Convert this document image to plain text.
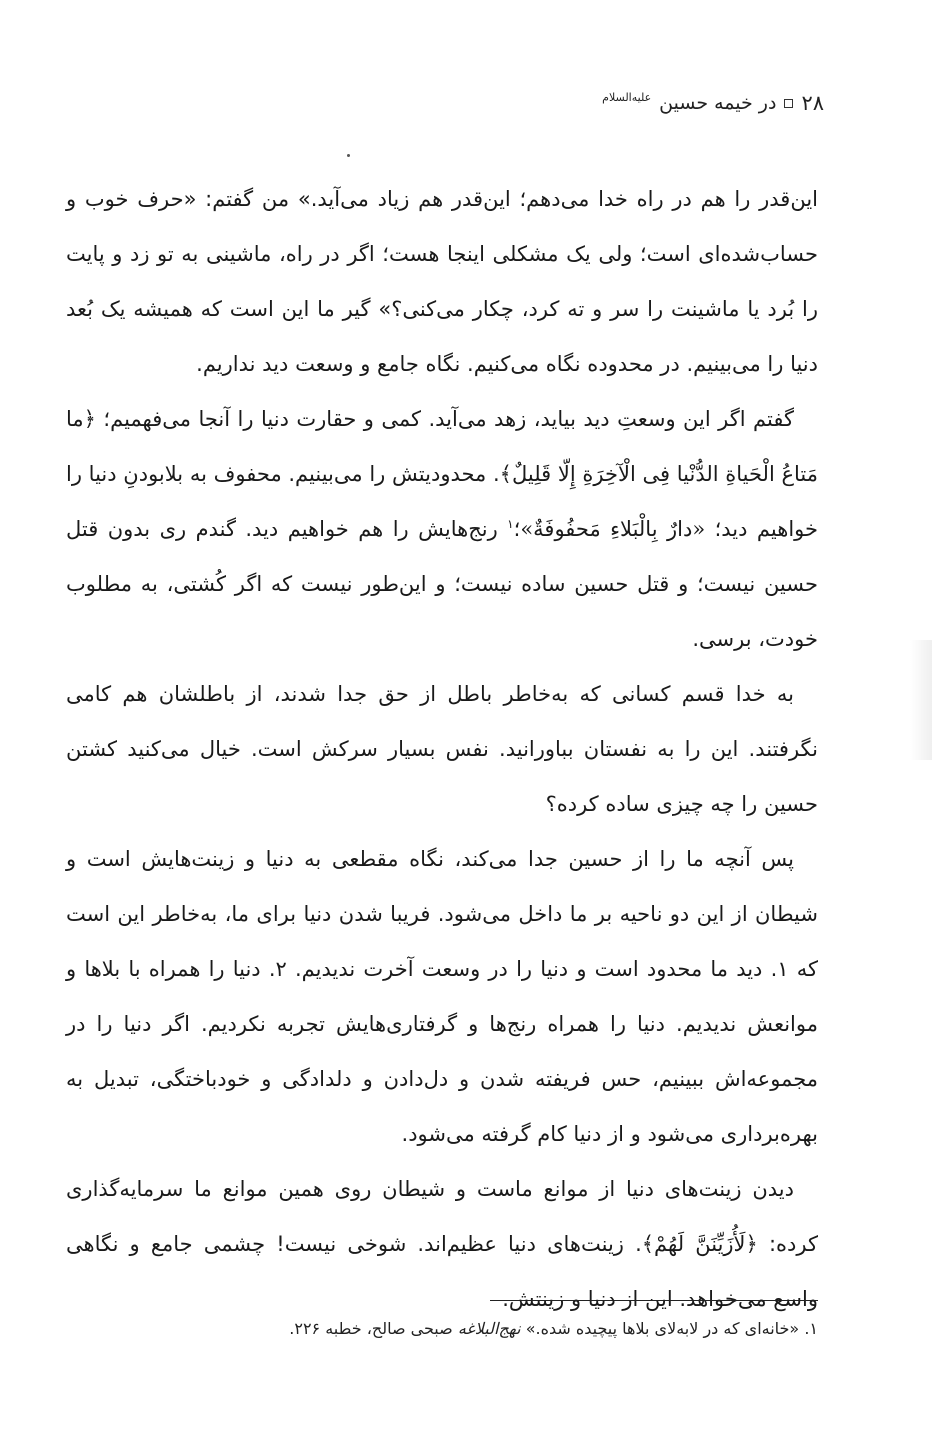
۲۸
در خیمه حسین
علیه‌السلام

این‌قدر را هم در راه خدا می‌دهم؛ این‌قدر هم زیاد می‌آید.» من گفتم: «حرف خوب و حساب‌شده‌ای است؛ ولی یک مشکلی اینجا هست؛ اگر در راه، ماشینی به تو زد و پایت را بُرد یا ماشینت را سر و ته کرد، چکار می‌کنی؟» گیر ما این است که همیشه یک بُعد دنیا را می‌بینیم. در محدوده نگاه می‌کنیم. نگاه جامع و وسعت دید نداریم.

گفتم اگر این وسعتِ دید بیاید، زهد می‌آید. کمی و حقارت دنیا را آنجا می‌فهمیم؛ ﴿ما مَتاعُ الْحَیاةِ الدُّنْیا فِی الْآخِرَةِ إِلّا قَلِیلٌ﴾. محدودیتش را می‌بینیم. محفوف به بلابودنِ دنیا را خواهیم دید؛ «دارٌ بِالْبَلاءِ مَحفُوفَةٌ»؛$^۱$ رنج‌هایش را هم خواهیم دید. گندم ری بدون قتل حسین نیست؛ و قتل حسین ساده نیست؛ و این‌طور نیست که اگر کُشتی، به مطلوب خودت، برسی.

به خدا قسم کسانی که به‌خاطر باطل از حق جدا شدند، از باطلشان هم کامی نگرفتند. این را به نفستان بباورانید. نفس بسیار سرکش است. خیال می‌کنید کشتن حسین را چه چیزی ساده کرده؟

پس آنچه ما را از حسین جدا می‌کند، نگاه مقطعی به دنیا و زینت‌هایش است و شیطان از این دو ناحیه بر ما داخل می‌شود. فریبا شدن دنیا برای ما، به‌خاطر این است که ۱. دید ما محدود است و دنیا را در وسعت آخرت ندیدیم. ۲. دنیا را همراه با بلاها و موانعش ندیدیم. دنیا را همراه رنج‌ها و گرفتاری‌هایش تجربه نکردیم. اگر دنیا را در مجموعه‌اش ببینیم، حس فریفته شدن و دل‌دادن و دلدادگی و خودباختگی، تبدیل به بهره‌برداری می‌شود و از دنیا کام گرفته می‌شود.

دیدن زینت‌های دنیا از موانع ماست و شیطان روی همین موانع ما سرمایه‌گذاری کرده: ﴿لَأُزَیِّنَنَّ لَهُمْ﴾. زینت‌های دنیا عظیم‌اند. شوخی نیست! چشمی جامع و نگاهی واسع می‌خواهد. این از دنیا و زینتش.

۱. «خانه‌ای که در لابه‌لای بلاها پیچیده شده.» نهج‌البلاغه صبحی صالح، خطبه ۲۲۶.
